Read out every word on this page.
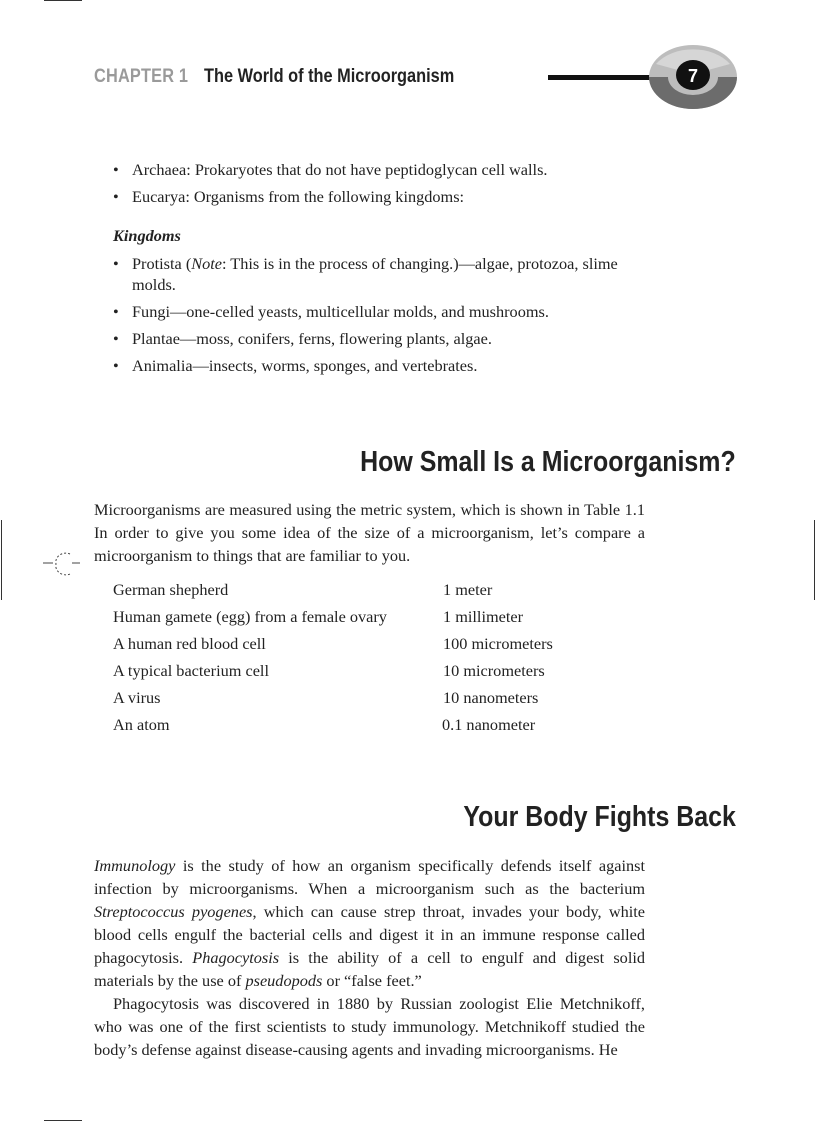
CHAPTER 1 The World of the Microorganism	7
• Archaea: Prokaryotes that do not have peptidoglycan cell walls.
• Eucarya: Organisms from the following kingdoms:
Kingdoms
• Protista (Note: This is in the process of changing.)—algae, protozoa, slime molds.
• Fungi—one-celled yeasts, multicellular molds, and mushrooms.
• Plantae—moss, conifers, ferns, flowering plants, algae.
• Animalia—insects, worms, sponges, and vertebrates.
How Small Is a Microorganism?
Microorganisms are measured using the metric system, which is shown in Table 1.1 In order to give you some idea of the size of a microorganism, let’s compare a microorganism to things that are familiar to you.
German shepherd	1 meter
Human gamete (egg) from a female ovary	1 millimeter
A human red blood cell	100 micrometers
A typical bacterium cell	10 micrometers
A virus	10 nanometers
An atom	0.1 nanometer
Your Body Fights Back

Immunology is the study of how an organism specifically defends itself against infection by microorganisms. When a microorganism such as the bacterium Streptococcus pyogenes, which can cause strep throat, invades your body, white blood cells engulf the bacterial cells and digest it in an immune response called phagocytosis. Phagocytosis is the ability of a cell to engulf and digest solid materials by the use of pseudopods or “false feet.”

Phagocytosis was discovered in 1880 by Russian zoologist Elie Metchnikoff, who was one of the first scientists to study immunology. Metchnikoff studied the body’s defense against disease-causing agents and invading microorganisms. He
